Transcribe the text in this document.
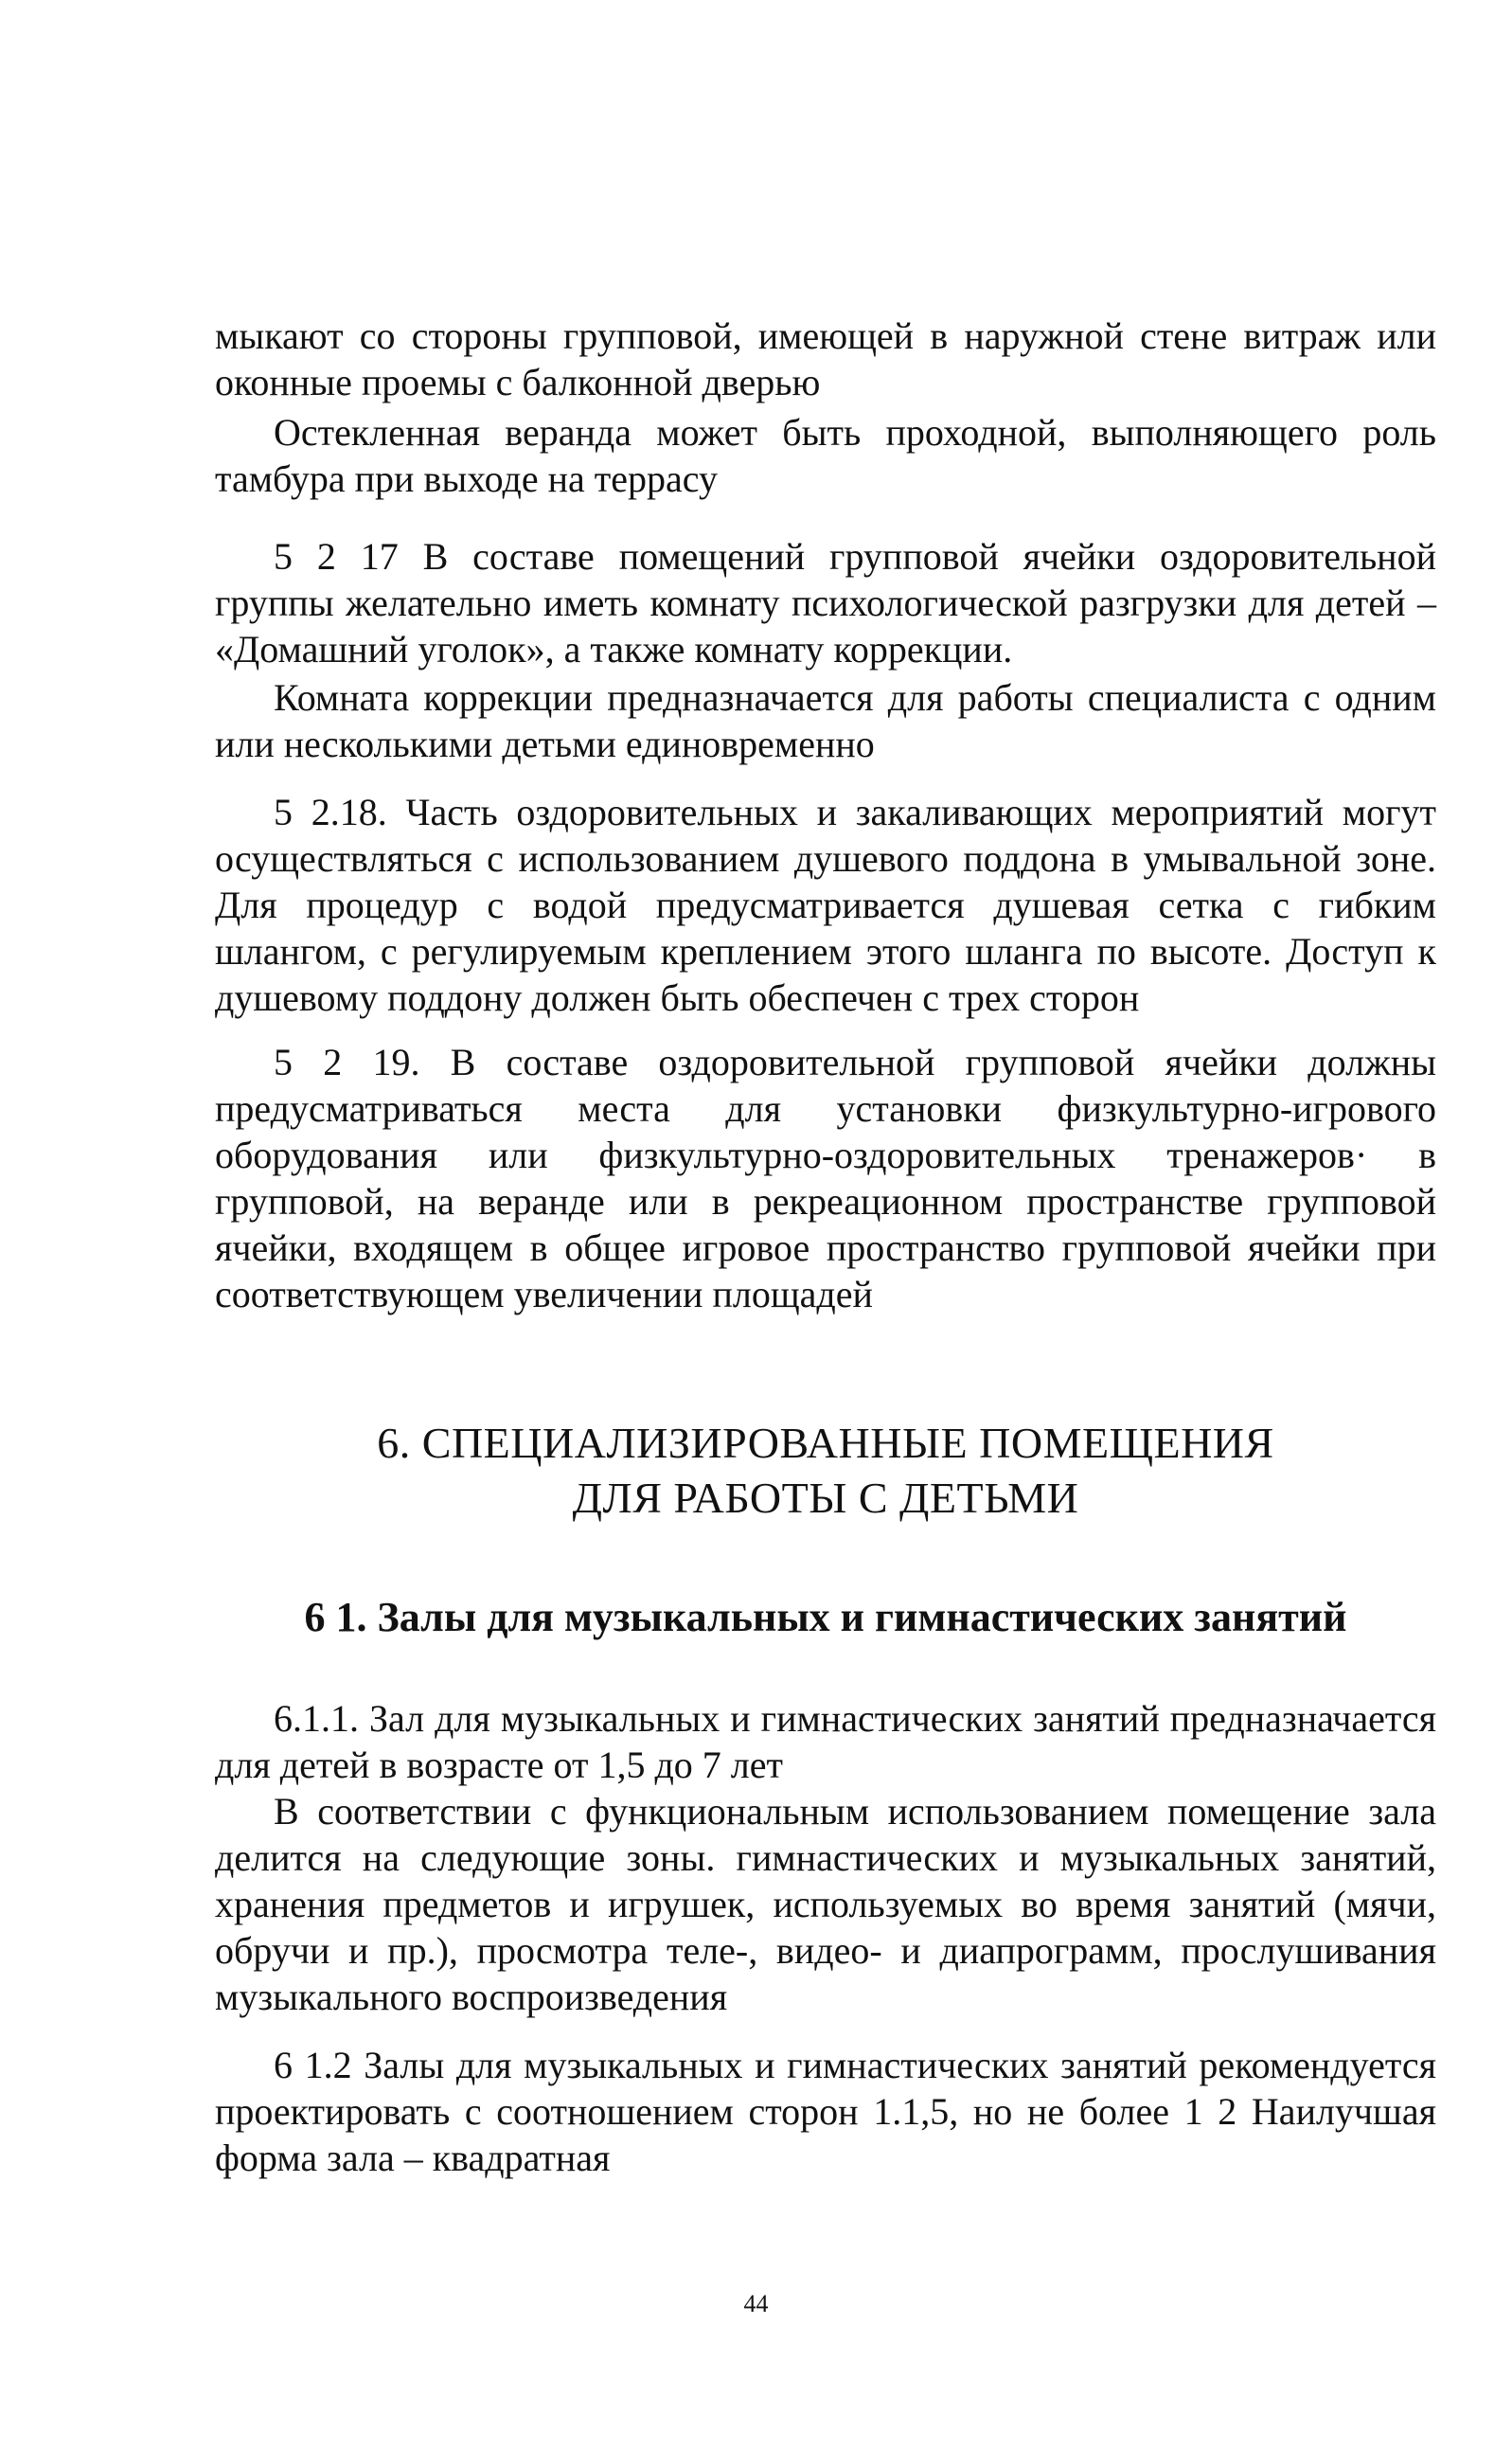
мыкают со стороны групповой, имеющей в наружной стене витраж или оконные проемы с балконной дверью

Остекленная веранда может быть проходной, выполняющего роль тамбура при выходе на террасу

5 2 17 В составе помещений групповой ячейки оздоровительной группы желательно иметь комнату психологической разгрузки для детей – «Домашний уголок», а также комнату коррекции.

Комната коррекции предназначается для работы специалиста с одним или несколькими детьми единовременно

5 2.18. Часть оздоровительных и закаливающих мероприятий могут осуществляться с использованием душевого поддона в умывальной зоне. Для процедур с водой предусматривается душевая сетка с гибким шлангом, с регулируемым креплением этого шланга по высоте. Доступ к душевому поддону должен быть обеспечен с трех сторон

5 2 19. В составе оздоровительной групповой ячейки должны предусматриваться места для установки физкультурно-игрового оборудования или физкультурно-оздоровительных тренажеров· в групповой, на веранде или в рекреационном пространстве групповой ячейки, входящем в общее игровое пространство групповой ячейки при соответствующем увеличении площадей

6. СПЕЦИАЛИЗИРОВАННЫЕ ПОМЕЩЕНИЯ
ДЛЯ РАБОТЫ С ДЕТЬМИ
6 1. Залы для музыкальных и гимнастических занятий

6.1.1. Зал для музыкальных и гимнастических занятий предназначается для детей в возрасте от 1,5 до 7 лет

В соответствии с функциональным использованием помещение зала делится на следующие зоны. гимнастических и музыкальных занятий, хранения предметов и игрушек, используемых во время занятий (мячи, обручи и пр.), просмотра теле-, видео- и диапрограмм, прослушивания музыкального воспроизведения

6 1.2 Залы для музыкальных и гимнастических занятий рекомендуется проектировать с соотношением сторон 1.1,5, но не более 1 2 Наилучшая форма зала – квадратная

44
